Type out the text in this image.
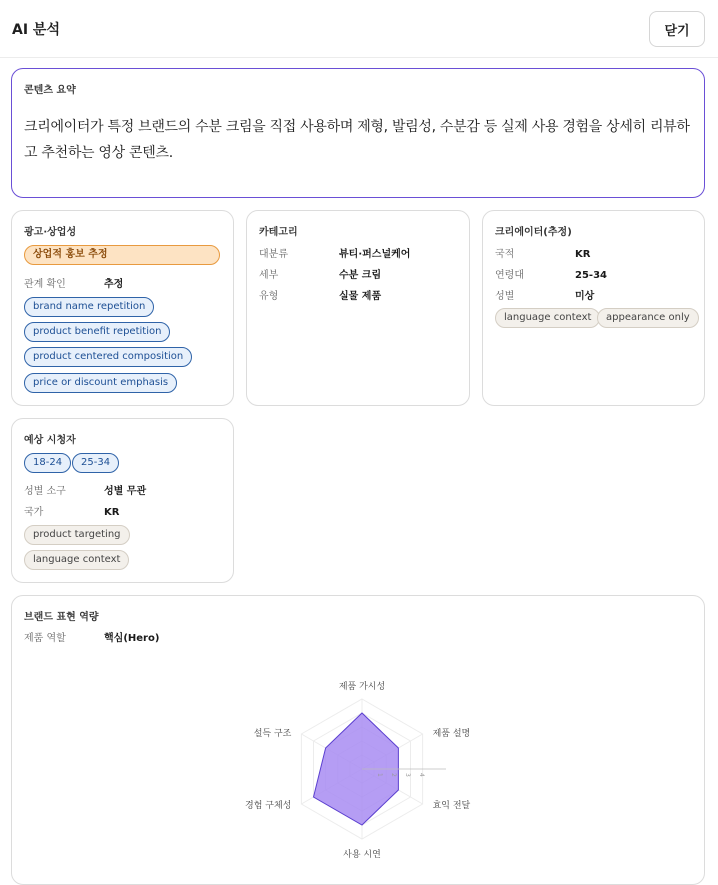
AI 분석	닫기
콘텐츠 요약
크리에이터가 특정 브랜드의 수분 크림을 직접 사용하며 제형, 발림성, 수분감 등 실제 사용 경험을 상세히 리뷰하고 추천하는 영상 콘텐츠.
광고·상업성
상업적 홍보 추정
관계 확인	추정
brand name repetition
product benefit repetition
product centered composition
price or discount emphasis
카테고리
대분류	뷰티·퍼스널케어
세부	수분 크림
유형	실물 제품
크리에이터(추정)
국적	KR
연령대	25-34
성별	미상
language context	appearance only
예상 시청자
18-24	25-34
성별 소구	성별 무관
국가	KR
product targeting
language context
브랜드 표현 역량
제품 역할	핵심(Hero)
1 2 3 4
제품 가시성
제품 설명
효익 전달
사용 시연
경험 구체성
설득 구조
